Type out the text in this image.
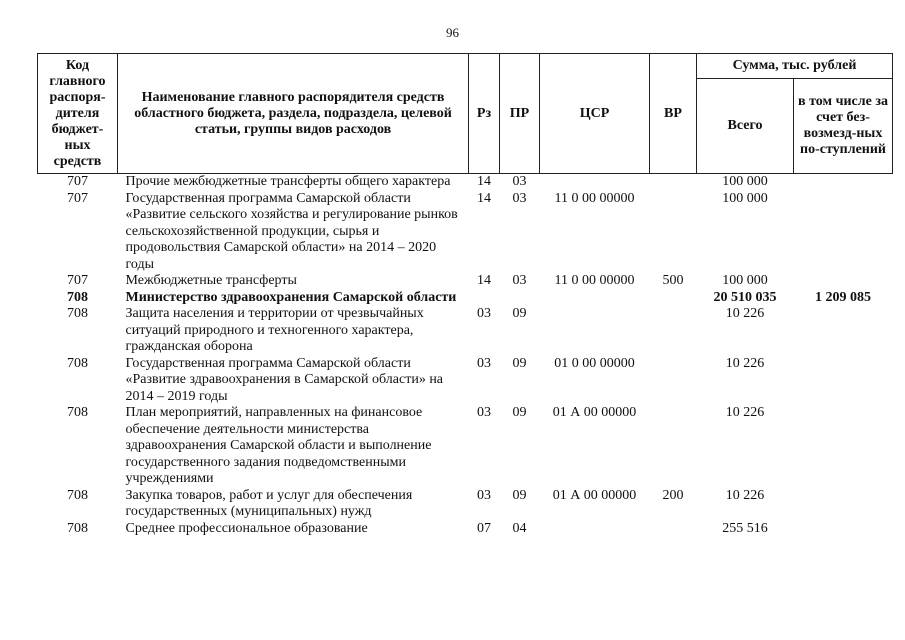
96
Код главного распоря-дителя бюджет-ных средств	Наименование главного распорядителя средств областного бюджета, раздела, подраздела, целевой статьи, группы видов расходов	Рз	ПР	ЦСР	ВР	Сумма, тыс. рублей	
						Всего	в том числе за счет без-возмезд-ных по-ступлений
707	Прочие межбюджетные трансферты общего характера	14	03			100 000	
707	Государственная программа Самарской области «Развитие сельского хозяйства и регулирование рынков сельскохозяйственной продукции, сырья и продовольствия Самарской области» на 2014 – 2020 годы	14	03	11 0 00 00000		100 000	
707	Межбюджетные трансферты	14	03	11 0 00 00000	500	100 000	
708	Министерство здравоохранения Самарской области					20 510 035	1 209 085
708	Защита населения и территории от чрезвычайных ситуаций природного и техногенного характера, гражданская оборона	03	09			10 226	
708	Государственная программа Самарской области «Развитие здравоохранения в Самарской области» на 2014 – 2019 годы	03	09	01 0 00 00000		10 226	
708	План мероприятий, направленных на финансовое обеспечение деятельности министерства здравоохранения Самарской области и выполнение государственного задания подведомственными учреждениями	03	09	01 А 00 00000		10 226	
708	Закупка товаров, работ и услуг для обеспечения государственных (муниципальных) нужд	03	09	01 А 00 00000	200	10 226	
708	Среднее профессиональное образование	07	04			255 516	
